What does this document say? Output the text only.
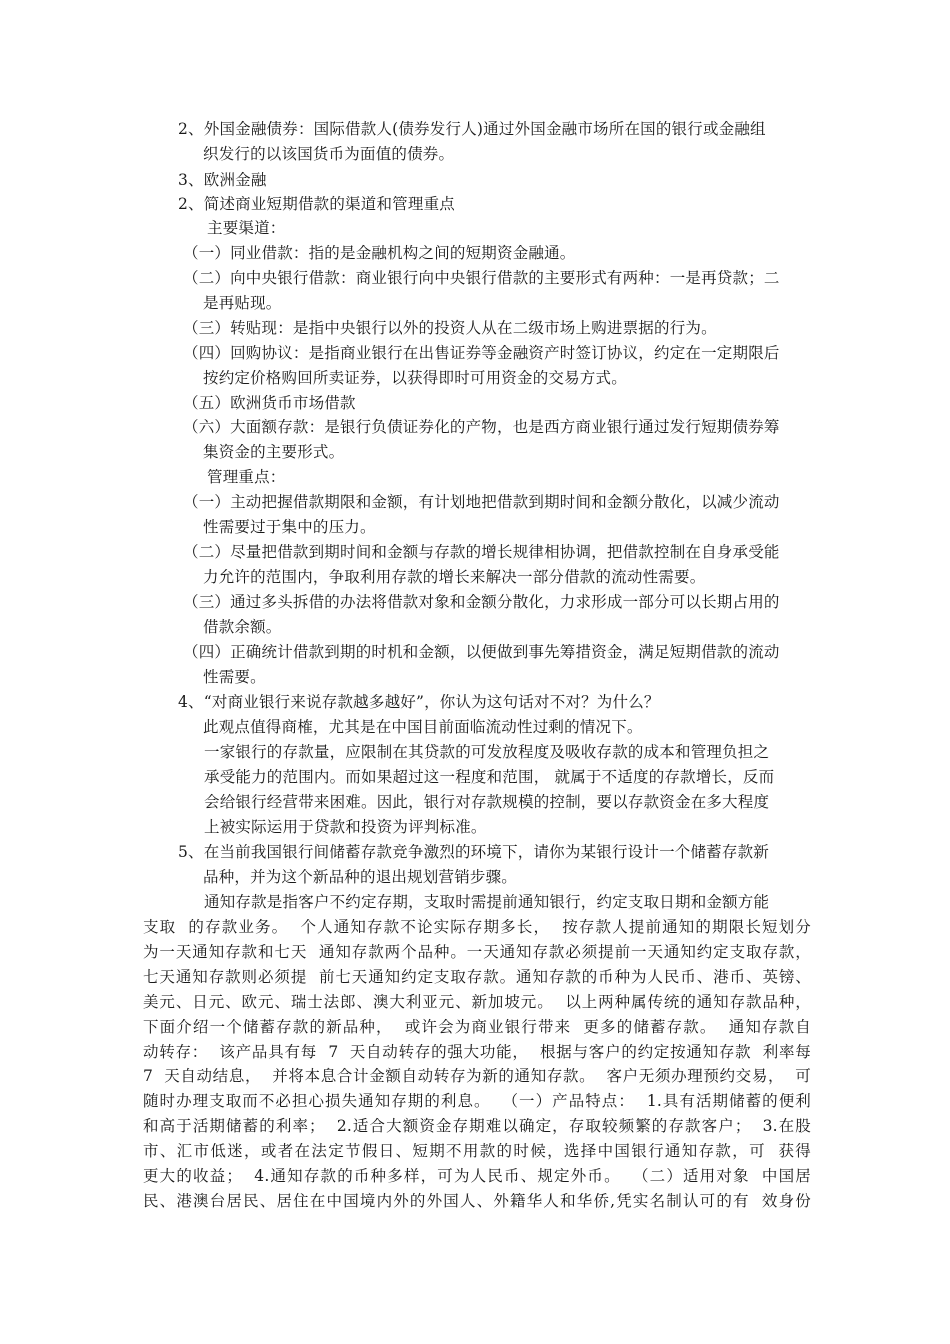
2、外国金融债券：国际借款人(债券发行人)通过外国金融市场所在国的银行或金融组
织发行的以该国货币为面值的债券。
3、欧洲金融
2、简述商业短期借款的渠道和管理重点
主要渠道：
（一）同业借款：指的是金融机构之间的短期资金融通。
（二）向中央银行借款：商业银行向中央银行借款的主要形式有两种：一是再贷款；二
是再贴现。
（三）转贴现：是指中央银行以外的投资人从在二级市场上购进票据的行为。
（四）回购协议：是指商业银行在出售证券等金融资产时签订协议，约定在一定期限后
按约定价格购回所卖证券，以获得即时可用资金的交易方式。
（五）欧洲货币市场借款
（六）大面额存款：是银行负债证券化的产物，也是西方商业银行通过发行短期债券筹
集资金的主要形式。
管理重点：
（一）主动把握借款期限和金额，有计划地把借款到期时间和金额分散化，以减少流动
性需要过于集中的压力。
（二）尽量把借款到期时间和金额与存款的增长规律相协调，把借款控制在自身承受能
力允许的范围内，争取利用存款的增长来解决一部分借款的流动性需要。
（三）通过多头拆借的办法将借款对象和金额分散化，力求形成一部分可以长期占用的
借款余额。
（四）正确统计借款到期的时机和金额，以便做到事先筹措资金，满足短期借款的流动
性需要。
4、“对商业银行来说存款越多越好”，你认为这句话对不对？为什么？
此观点值得商榷，尤其是在中国目前面临流动性过剩的情况下。
一家银行的存款量，应限制在其贷款的可发放程度及吸收存款的成本和管理负担之
承受能力的范围内。而如果超过这一程度和范围， 就属于不适度的存款增长，反而
会给银行经营带来困难。因此，银行对存款规模的控制，要以存款资金在多大程度
上被实际运用于贷款和投资为评判标准。
5、在当前我国银行间储蓄存款竞争激烈的环境下，请你为某银行设计一个储蓄存款新
品种，并为这个新品种的退出规划营销步骤。
通知存款是指客户不约定存期，支取时需提前通知银行，约定支取日期和金额方能
支取  的存款业务。  个人通知存款不论实际存期多长，  按存款人提前通知的期限长短划分
为一天通知存款和七天  通知存款两个品种。一天通知存款必须提前一天通知约定支取存款，
七天通知存款则必须提  前七天通知约定支取存款。通知存款的币种为人民币、港币、英镑、
美元、日元、欧元、瑞士法郎、澳大利亚元、新加坡元。  以上两种属传统的通知存款品种，
下面介绍一个储蓄存款的新品种，  或许会为商业银行带来  更多的储蓄存款。  通知存款自
动转存：  该产品具有每  7  天自动转存的强大功能，  根据与客户的约定按通知存款  利率每
7  天自动结息，  并将本息合计金额自动转存为新的通知存款。  客户无须办理预约交易，  可
随时办理支取而不必担心损失通知存期的利息。  （一）产品特点：  1.具有活期储蓄的便利
和高于活期储蓄的利率；  2.适合大额资金存期难以确定，存取较频繁的存款客户；  3.在股
市、汇市低迷，或者在法定节假日、短期不用款的时候，选择中国银行通知存款，可  获得
更大的收益；  4.通知存款的币种多样，可为人民币、规定外币。  （二）适用对象  中国居
民、港澳台居民、居住在中国境内外的外国人、外籍华人和华侨,凭实名制认可的有  效身份
